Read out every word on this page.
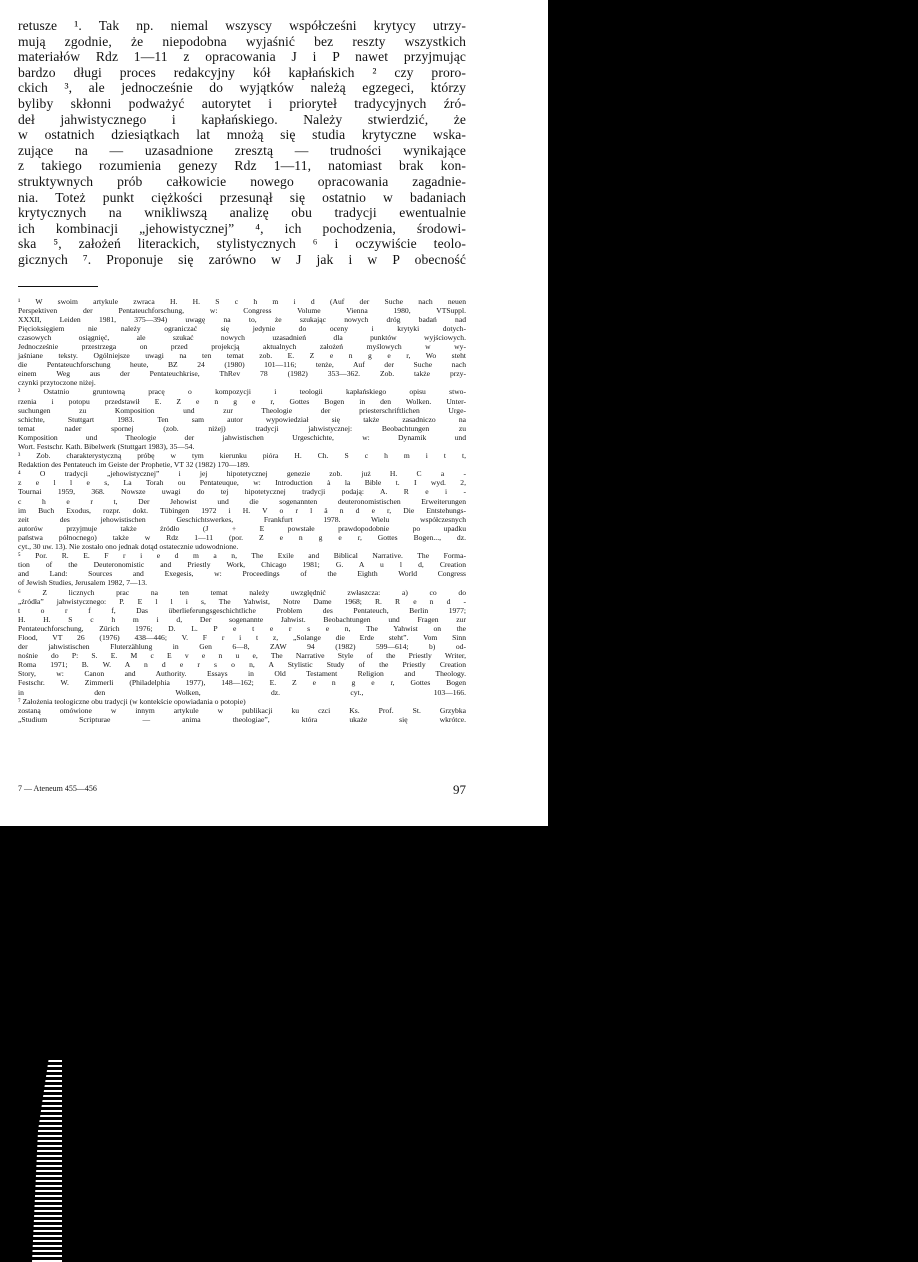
retusze ¹. Tak np. niemal wszyscy współcześni krytycy utrzy-
mują zgodnie, że niepodobna wyjaśnić bez reszty wszystkich
materiałów Rdz 1—11 z opracowania J i P nawet przyjmując
bardzo długi proces redakcyjny kół kapłańskich ² czy proro-
ckich ³, ale jednocześnie do wyjątków należą egzegeci, którzy
byliby skłonni podważyć autorytet i prioryteł tradycyjnych źró-
deł jahwistycznego i kapłańskiego. Należy stwierdzić, że
w ostatnich dziesiątkach lat mnożą się studia krytyczne wska-
zujące na — uzasadnione zresztą — trudności wynikające
z takiego rozumienia genezy Rdz 1—11, natomiast brak kon-
struktywnych prób całkowicie nowego opracowania zagadnie-
nia. Toteż punkt ciężkości przesunął się ostatnio w badaniach
krytycznych na wnikliwszą analizę obu tradycji ewentualnie
ich kombinacji „jehowistycznej” ⁴, ich pochodzenia, środowi-
ska ⁵, założeń literackich, stylistycznych ⁶ i oczywiście teolo-
gicznych ⁷. Proponuje się zarówno w J jak i w P obecność

¹ W swoim artykule zwraca H. H. S c h m i d (Auf der Suche nach neuen
Perspektiven der Pentateuchforschung, w: Congress Volume Vienna 1980, VTSuppl.
XXXII, Leiden 1981, 375—394) uwagę na to, że szukając nowych dróg badań nad
Pięcioksięgiem nie należy ograniczać się jedynie do oceny i krytyki dotych-
czasowych osiągnięć, ale szukać nowych uzasadnień dla punktów wyjściowych.
Jednocześnie przestrzega on przed projekcją aktualnych założeń myślowych w wy-
jaśniane teksty. Ogólniejsze uwagi na ten temat zob. E. Z e n g e r, Wo steht
die Pentateuchforschung heute, BZ 24 (1980) 101—116; tenże, Auf der Suche nach
einem Weg aus der Pentateuchkrise, ThRev 78 (1982) 353—362. Zob. także przy-
czynki przytoczone niżej.
² Ostatnio gruntowną pracę o kompozycji i teologii kapłańskiego opisu stwo-
rzenia i potopu przedstawił E. Z e n g e r, Gottes Bogen in den Wolken. Unter-
suchungen zu Komposition und zur Theologie der priesterschriftlichen Urge-
schichte, Stuttgart 1983. Ten sam autor wypowiedział się także zasadniczo na
temat nader spornej (zob. niżej) tradycji jahwistycznej: Beobachtungen zu
Komposition und Theologie der jahwistischen Urgeschichte, w: Dynamik und
Wort. Festschr. Kath. Bibelwerk (Stuttgart 1983), 35—54.
³ Zob. charakterystyczną próbę w tym kierunku pióra H. Ch. S c h m i t t,
Redaktion des Pentateuch im Geiste der Prophetie, VT 32 (1982) 170—189.
⁴ O tradycji „jehowistycznej” i jej hipotetycznej genezie zob. już H. C a -
z e l l e s, La Torah ou Pentateuque, w: Introduction à la Bible t. I wyd. 2,
Tournai 1959, 368. Nowsze uwagi do tej hipotetycznej tradycji podają: A. R e i -
c h e r t, Der Jehowist und die sogenannten deuteronomistischen Erweiterungen
im Buch Exodus, rozpr. dokt. Tübingen 1972 i H. V o r l ä n d e r, Die Entstehungs-
zeit des jehowistischen Geschichtswerkes, Frankfurt 1978. Wielu współczesnych
autorów przyjmuje także źródło (J + E powstałe prawdopodobnie po upadku
państwa północnego) także w Rdz 1—11 (por. Z e n g e r, Gottes Bogen..., dz.
cyt., 30 uw. 13). Nie zostało ono jednak dotąd ostatecznie udowodnione.
⁵ Por. R. E. F r i e d m a n, The Exile and Biblical Narrative. The Forma-
tion of the Deuteronomistic and Priestly Work, Chicago 1981; G. A u l d, Creation
and Land: Sources and Exegesis, w: Proceedings of the Eighth World Congress
of Jewish Studies, Jerusalem 1982, 7—13.
⁶ Z licznych prac na ten temat należy uwzględnić zwłaszcza: a) co do
„źródła” jahwistycznego: P. E l l i s, The Yahwist, Notre Dame 1968; R. R e n d -
t o r f f, Das überlieferungsgeschichtliche Problem des Pentateuch, Berlin 1977;
H. H. S c h m i d, Der sogenannte Jahwist. Beobachtungen und Fragen zur
Pentateuchforschung, Zürich 1976; D. L. P e t e r s e n, The Yahwist on the
Flood, VT 26 (1976) 438—446; V. F r i t z, „Solange die Erde steht”. Vom Sinn
der jahwistischen Fluterzählung in Gen 6—8, ZAW 94 (1982) 599—614; b) od-
nośnie do P: S. E. M c E v e n u e, The Narrative Style of the Priestly Writer,
Roma 1971; B. W. A n d e r s o n, A Stylistic Study of the Priestly Creation
Story, w: Canon and Authority. Essays in Old Testament Religion and Theology.
Festschr. W. Zimmerli (Philadelphia 1977), 148—162; E. Z e n g e r, Gottes Bogen
in den Wolken, dz. cyt., 103—166.
⁷ Założenia teologiczne obu tradycji (w kontekście opowiadania o potopie)
zostaną omówione w innym artykule w publikacji ku czci Ks. Prof. St. Grzybka
„Studium Scripturae — anima theologiae”, która ukaże się wkrótce.
7 — Ateneum 455—456	97
